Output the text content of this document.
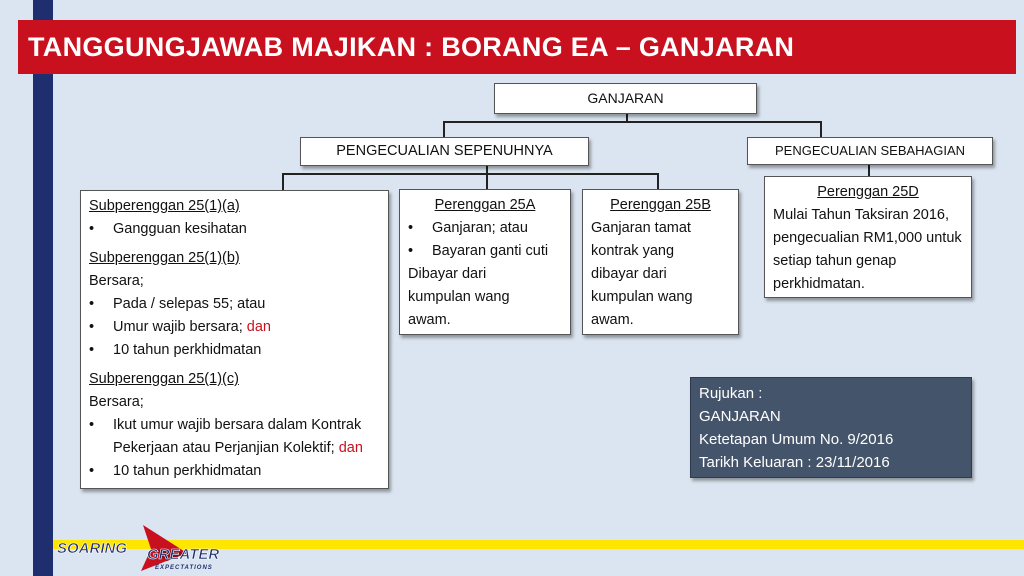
TANGGUNGJAWAB MAJIKAN : BORANG EA – GANJARAN
GANJARAN
PENGECUALIAN SEPENUHNYA	PENGECUALIAN SEBAHAGIAN
Subperenggan 25(1)(a)
• Gangguan kesihatan
Subperenggan 25(1)(b)
Bersara;
• Pada / selepas 55; atau
• Umur wajib bersara; dan
• 10 tahun perkhidmatan
Subperenggan 25(1)(c)
Bersara;
• Ikut umur wajib bersara dalam Kontrak Pekerjaan atau Perjanjian Kolektif; dan
• 10 tahun perkhidmatan
Perenggan 25A
• Ganjaran; atau
• Bayaran ganti cuti
Dibayar dari kumpulan wang awam.
Perenggan 25B
Ganjaran tamat kontrak yang dibayar dari kumpulan wang awam.
Perenggan 25D
Mulai Tahun Taksiran 2016, pengecualian RM1,000 untuk setiap tahun genap perkhidmatan.
Rujukan :
GANJARAN
Ketetapan Umum No. 9/2016
Tarikh Keluaran : 23/11/2016
SOARING GREATER
EXPECTATIONS
